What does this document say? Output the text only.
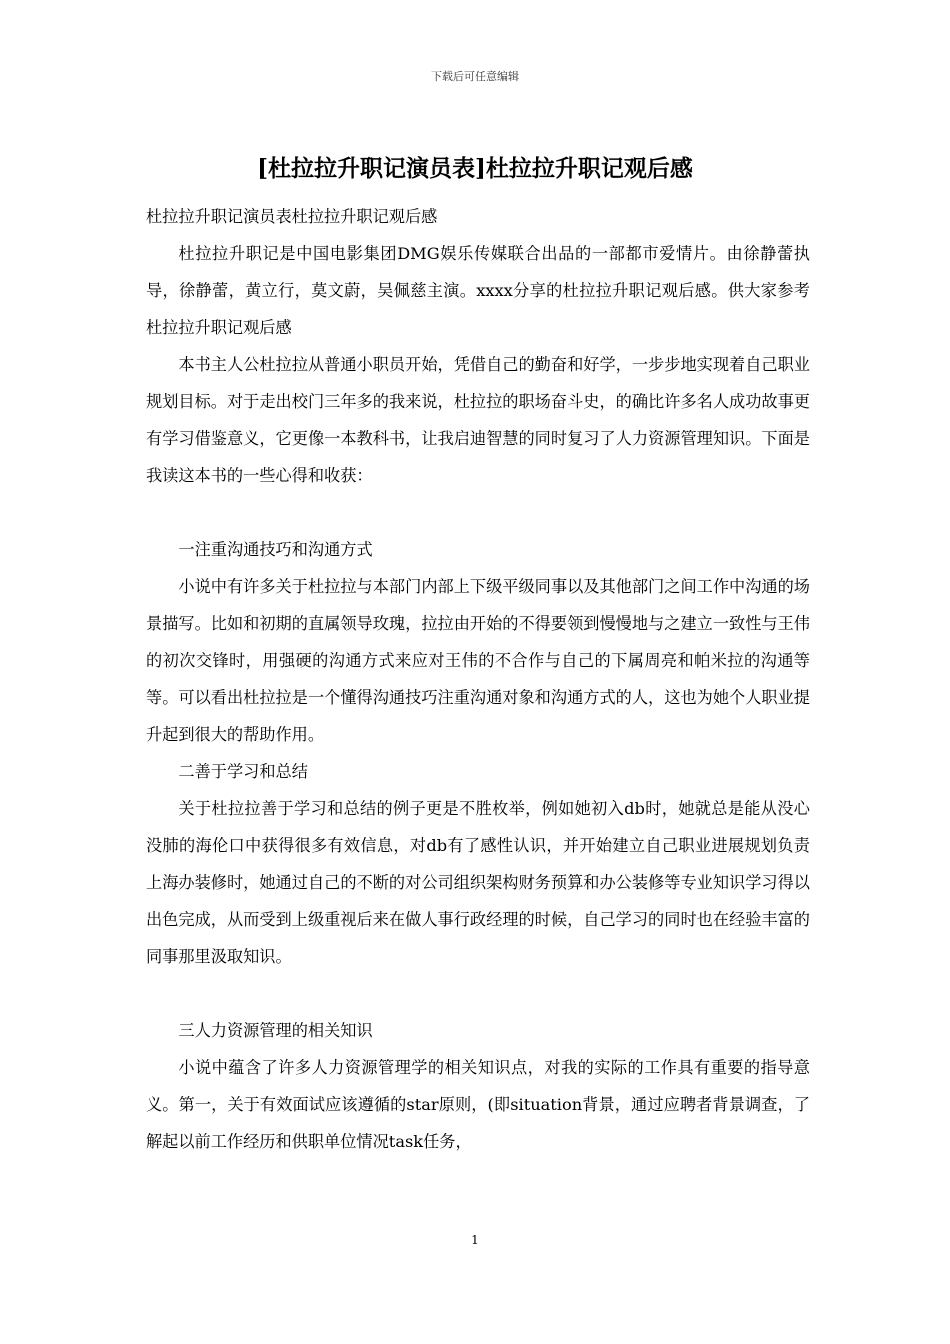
下载后可任意编辑
[杜拉拉升职记演员表]杜拉拉升职记观后感

杜拉拉升职记演员表杜拉拉升职记观后感

杜拉拉升职记是中国电影集团DMG娱乐传媒联合出品的一部都市爱情片。由徐静蕾执导，徐静蕾，黄立行，莫文蔚，吴佩慈主演。xxxx分享的杜拉拉升职记观后感。供大家参考杜拉拉升职记观后感

本书主人公杜拉拉从普通小职员开始，凭借自己的勤奋和好学，一步步地实现着自己职业规划目标。对于走出校门三年多的我来说，杜拉拉的职场奋斗史，的确比许多名人成功故事更有学习借鉴意义，它更像一本教科书，让我启迪智慧的同时复习了人力资源管理知识。下面是我读这本书的一些心得和收获：

一注重沟通技巧和沟通方式

小说中有许多关于杜拉拉与本部门内部上下级平级同事以及其他部门之间工作中沟通的场景描写。比如和初期的直属领导玫瑰，拉拉由开始的不得要领到慢慢地与之建立一致性与王伟的初次交锋时，用强硬的沟通方式来应对王伟的不合作与自己的下属周亮和帕米拉的沟通等等。可以看出杜拉拉是一个懂得沟通技巧注重沟通对象和沟通方式的人，这也为她个人职业提升起到很大的帮助作用。

二善于学习和总结

关于杜拉拉善于学习和总结的例子更是不胜枚举，例如她初入db时，她就总是能从没心没肺的海伦口中获得很多有效信息，对db有了感性认识，并开始建立自己职业进展规划负责上海办装修时，她通过自己的不断的对公司组织架构财务预算和办公装修等专业知识学习得以出色完成，从而受到上级重视后来在做人事行政经理的时候，自己学习的同时也在经验丰富的同事那里汲取知识。

三人力资源管理的相关知识

小说中蕴含了许多人力资源管理学的相关知识点，对我的实际的工作具有重要的指导意义。第一，关于有效面试应该遵循的star原则，(即situation背景，通过应聘者背景调查，了解起以前工作经历和供职单位情况task任务，

1
